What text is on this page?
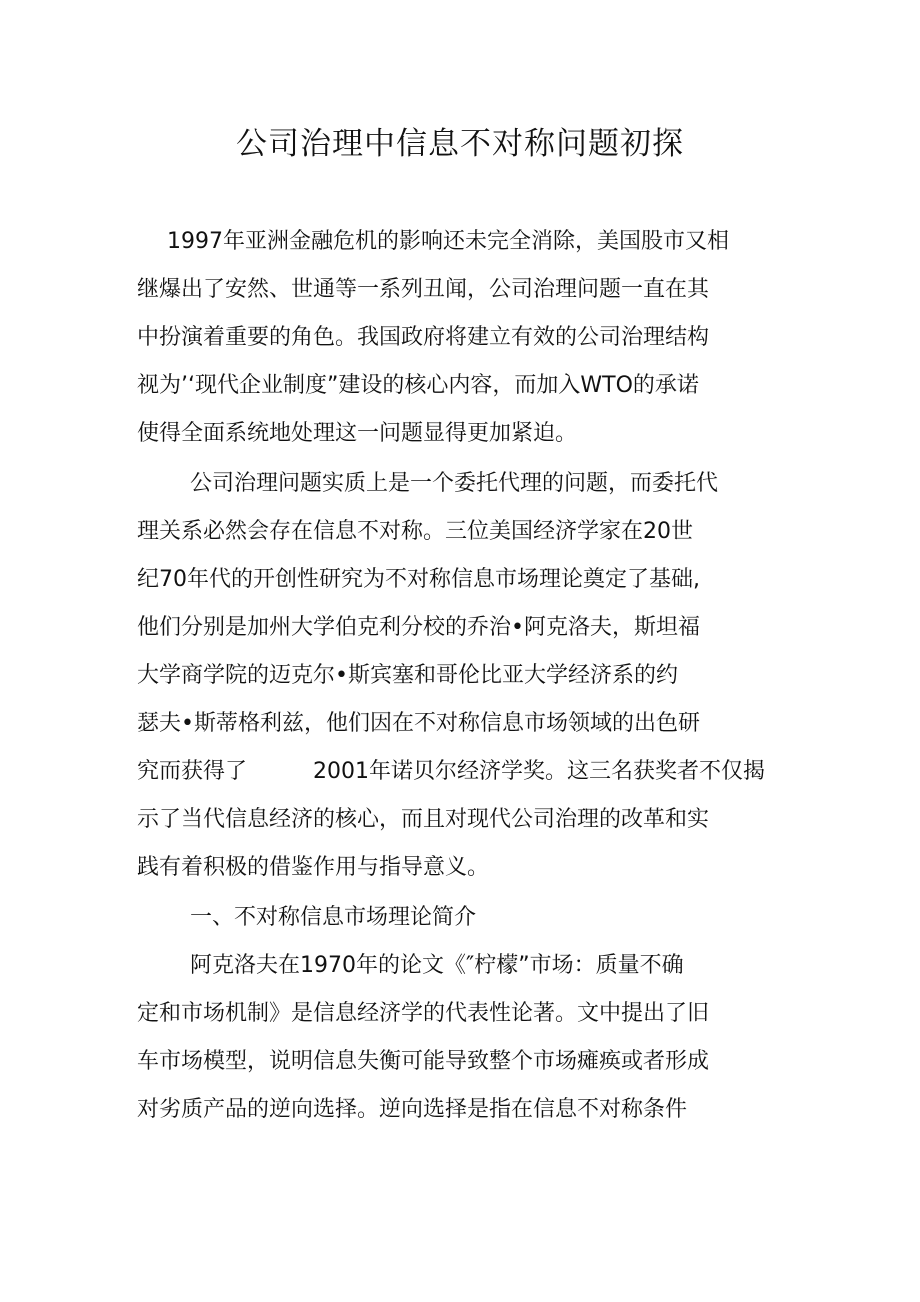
公司治理中信息不对称问题初探
1997年亚洲金融危机的影响还未完全消除，美国股市又相
继爆出了安然、世通等一系列丑闻，公司治理问题一直在其
中扮演着重要的角色。我国政府将建立有效的公司治理结构
视为’‘现代企业制度”建设的核心内容，而加入WTO的承诺
使得全面系统地处理这一问题显得更加紧迫。
公司治理问题实质上是一个委托代理的问题，而委托代
理关系必然会存在信息不对称。三位美国经济学家在20世
纪70年代的开创性研究为不对称信息市场理论奠定了基础,
他们分别是加州大学伯克利分校的乔治•阿克洛夫，斯坦福
大学商学院的迈克尔•斯宾塞和哥伦比亚大学经济系的约
瑟夫•斯蒂格利兹，他们因在不对称信息市场领域的出色研
究而获得了	2001年诺贝尔经济学奖。这三名获奖者不仅揭
示了当代信息经济的核心，而且对现代公司治理的改革和实
践有着积极的借鉴作用与指导意义。
一、不对称信息市场理论简介
阿克洛夫在1970年的论文《″柠檬”市场：质量不确
定和市场机制》是信息经济学的代表性论著。文中提出了旧
车市场模型，说明信息失衡可能导致整个市场瘫痪或者形成
对劣质产品的逆向选择。逆向选择是指在信息不对称条件
